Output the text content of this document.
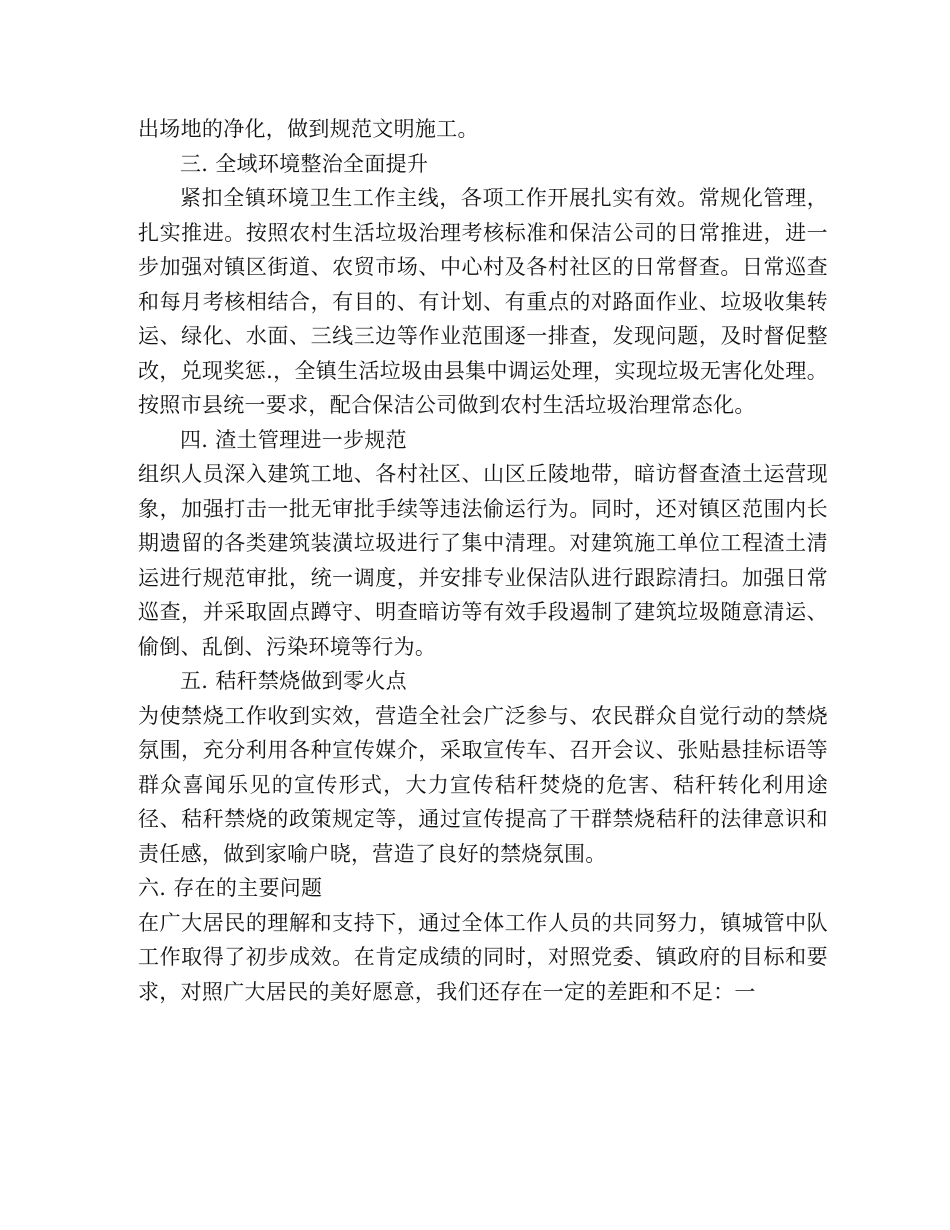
出场地的净化，做到规范文明施工。

三. 全域环境整治全面提升

紧扣全镇环境卫生工作主线，各项工作开展扎实有效。常规化管理，扎实推进。按照农村生活垃圾治理考核标准和保洁公司的日常推进，进一步加强对镇区街道、农贸市场、中心村及各村社区的日常督查。日常巡查和每月考核相结合，有目的、有计划、有重点的对路面作业、垃圾收集转运、绿化、水面、三线三边等作业范围逐一排查，发现问题，及时督促整改，兑现奖惩.，全镇生活垃圾由县集中调运处理，实现垃圾无害化处理。按照市县统一要求，配合保洁公司做到农村生活垃圾治理常态化。

四. 渣土管理进一步规范

组织人员深入建筑工地、各村社区、山区丘陵地带，暗访督查渣土运营现象，加强打击一批无审批手续等违法偷运行为。同时，还对镇区范围内长期遗留的各类建筑装潢垃圾进行了集中清理。对建筑施工单位工程渣土清运进行规范审批，统一调度，并安排专业保洁队进行跟踪清扫。加强日常巡查，并采取固点蹲守、明查暗访等有效手段遏制了建筑垃圾随意清运、偷倒、乱倒、污染环境等行为。

五. 秸秆禁烧做到零火点

为使禁烧工作收到实效，营造全社会广泛参与、农民群众自觉行动的禁烧氛围，充分利用各种宣传媒介，采取宣传车、召开会议、张贴悬挂标语等群众喜闻乐见的宣传形式，大力宣传秸秆焚烧的危害、秸秆转化利用途径、秸秆禁烧的政策规定等，通过宣传提高了干群禁烧秸秆的法律意识和责任感，做到家喻户晓，营造了良好的禁烧氛围。

六. 存在的主要问题

在广大居民的理解和支持下，通过全体工作人员的共同努力，镇城管中队工作取得了初步成效。在肯定成绩的同时，对照党委、镇政府的目标和要求，对照广大居民的美好愿意，我们还存在一定的差距和不足：一
